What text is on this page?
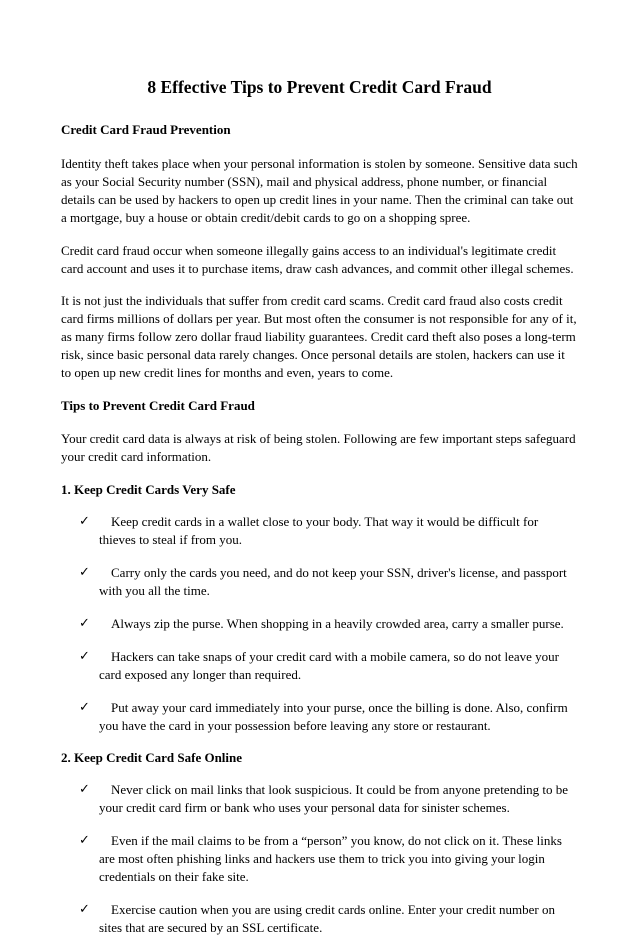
8 Effective Tips to Prevent Credit Card Fraud
Credit Card Fraud Prevention

Identity theft takes place when your personal information is stolen by someone. Sensitive data such as your Social Security number (SSN), mail and physical address, phone number, or financial details can be used by hackers to open up credit lines in your name. Then the criminal can take out a mortgage, buy a house or obtain credit/debit cards to go on a shopping spree.

Credit card fraud occur when someone illegally gains access to an individual's legitimate credit card account and uses it to purchase items, draw cash advances, and commit other illegal schemes.

It is not just the individuals that suffer from credit card scams. Credit card fraud also costs credit card firms millions of dollars per year. But most often the consumer is not responsible for any of it, as many firms follow zero dollar fraud liability guarantees. Credit card theft also poses a long-term risk, since basic personal data rarely changes. Once personal details are stolen, hackers can use it to open up new credit lines for months and even, years to come.

Tips to Prevent Credit Card Fraud

Your credit card data is always at risk of being stolen. Following are few important steps safeguard your credit card information.

1. Keep Credit Cards Very Safe
✓	Keep credit cards in a wallet close to your body. That way it would be difficult for thieves to steal if from you.
✓	Carry only the cards you need, and do not keep your SSN, driver's license, and passport with you all the time.
✓	Always zip the purse. When shopping in a heavily crowded area, carry a smaller purse.
✓	Hackers can take snaps of your credit card with a mobile camera, so do not leave your card exposed any longer than required.
✓	Put away your card immediately into your purse, once the billing is done. Also, confirm you have the card in your possession before leaving any store or restaurant.
2. Keep Credit Card Safe Online
✓	Never click on mail links that look suspicious. It could be from anyone pretending to be your credit card firm or bank who uses your personal data for sinister schemes.
✓	Even if the mail claims to be from a “person” you know, do not click on it. These links are most often phishing links and hackers use them to trick you into giving your login credentials on their fake site.
✓	Exercise caution when you are using credit cards online. Enter your credit number on sites that are secured by an SSL certificate.
